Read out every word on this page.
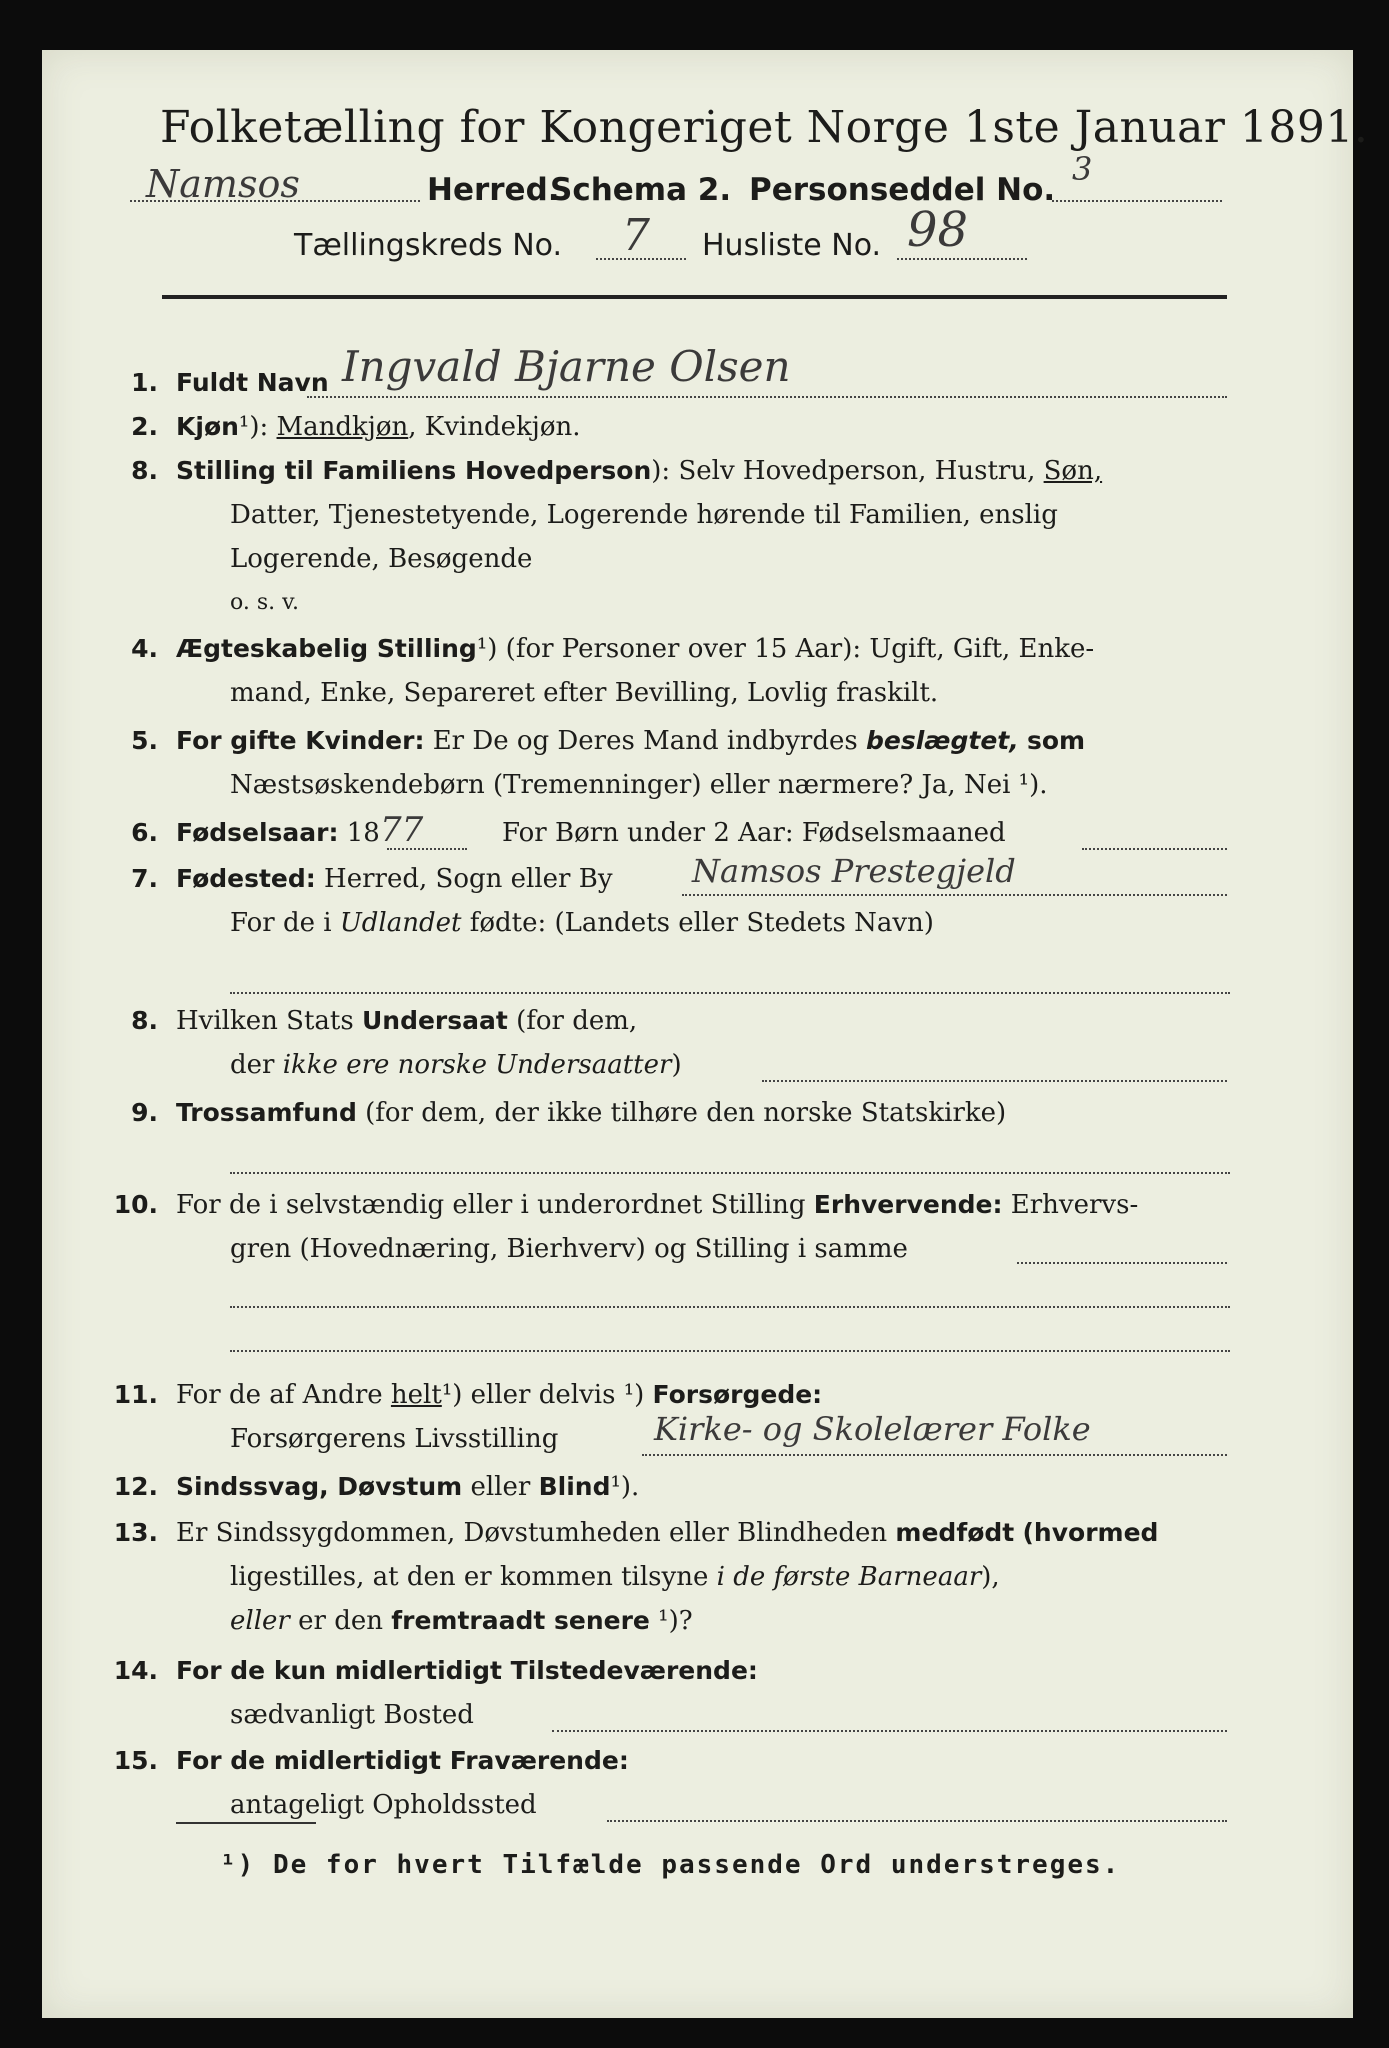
Folketælling for Kongeriget Norge 1ste Januar 1891.
Namsos	Herred.
Schema 2. Personseddel No.
3
Tællingskreds No. 7 Husliste No. 98
1. Fuldt Navn Ingvald Bjarne Olsen
2. Kjøn¹): Mandkjøn, Kvindekjøn.
8. Stilling til Familiens Hovedperson): Selv Hovedperson, Hustru, Søn,
Datter, Tjenestetyende, Logerende hørende til Familien, enslig
Logerende, Besøgende
o. s. v.
4. Ægteskabelig Stilling¹) (for Personer over 15 Aar): Ugift, Gift, Enke-
mand, Enke, Separeret efter Bevilling, Lovlig fraskilt.
5. For gifte Kvinder: Er De og Deres Mand indbyrdes beslægtet, som
Næstsøskendebørn (Tremenninger) eller nærmere? Ja, Nei ¹).
6. Fødselsaar: 18 77	For Børn under 2 Aar: Fødselsmaaned
7. Fødested: Herred, Sogn eller By Namsos Prestegjeld
For de i Udlandet fødte: (Landets eller Stedets Navn)
8. Hvilken Stats Undersaat (for dem,
der ikke ere norske Undersaatter)
9. Trossamfund (for dem, der ikke tilhøre den norske Statskirke)
10. For de i selvstændig eller i underordnet Stilling Erhvervende: Erhvervs-
gren (Hovednæring, Bierhverv) og Stilling i samme
11. For de af Andre helt¹) eller delvis ¹) Forsørgede:
Forsørgerens Livsstilling	Kirke- og Skolelærer Folke
12. Sindssvag, Døvstum eller Blind¹).
13. Er Sindssygdommen, Døvstumheden eller Blindheden medfødt (hvormed
ligestilles, at den er kommen tilsyne i de første Barneaar),
eller er den fremtraadt senere ¹)?
14. For de kun midlertidigt Tilstedeværende:
sædvanligt Bosted
15. For de midlertidigt Fraværende:
antageligt Opholdssted
¹) De for hvert Tilfælde passende Ord understreges.
